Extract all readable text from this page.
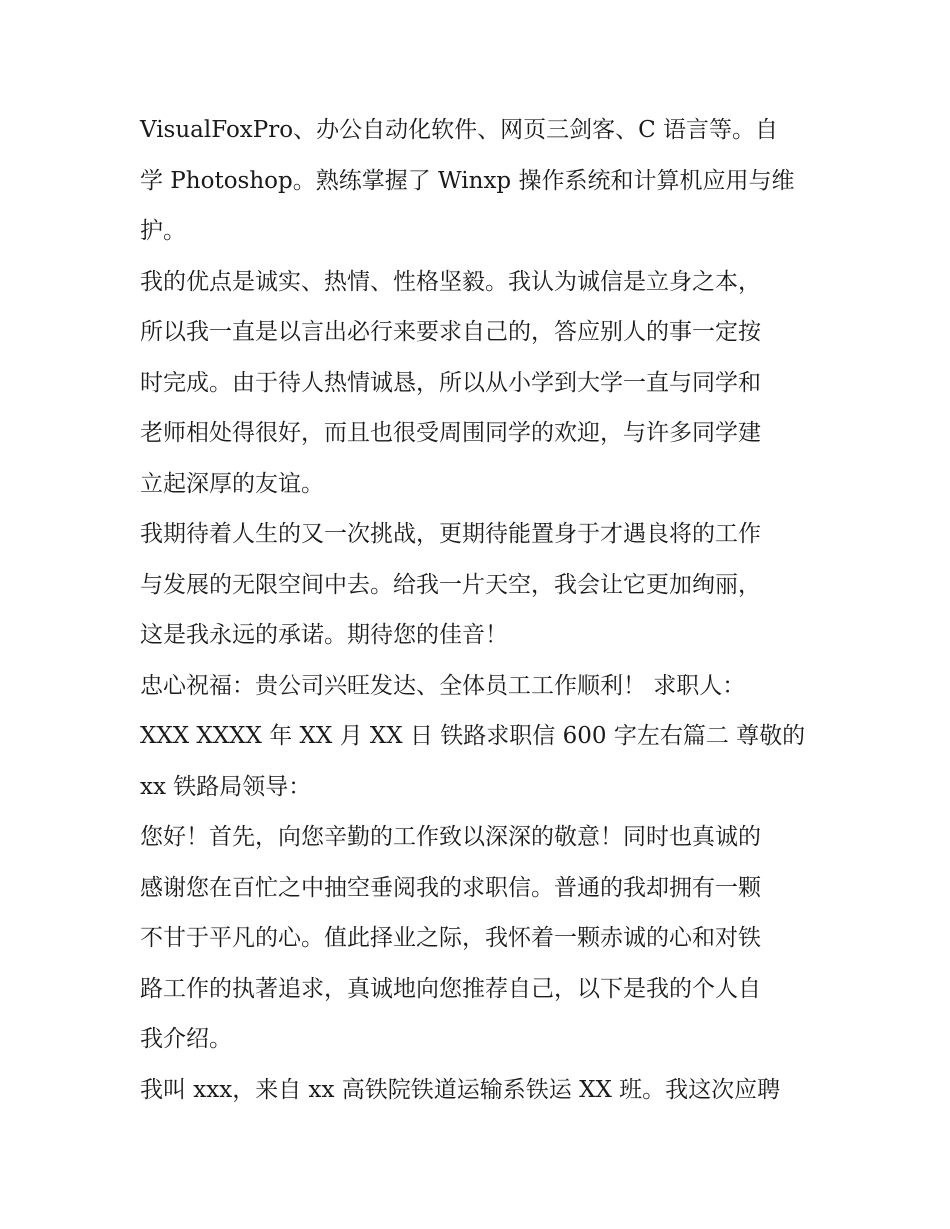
VisualFoxPro、办公自动化软件、网页三剑客、C 语言等。自
学 Photoshop。熟练掌握了 Winxp 操作系统和计算机应用与维
护。
我的优点是诚实、热情、性格坚毅。我认为诚信是立身之本，
所以我一直是以言出必行来要求自己的，答应别人的事一定按
时完成。由于待人热情诚恳，所以从小学到大学一直与同学和
老师相处得很好，而且也很受周围同学的欢迎，与许多同学建
立起深厚的友谊。
我期待着人生的又一次挑战，更期待能置身于才遇良将的工作
与发展的无限空间中去。给我一片天空，我会让它更加绚丽，
这是我永远的承诺。期待您的佳音！
忠心祝福：贵公司兴旺发达、全体员工工作顺利！ 求职人：
XXX XXXX 年 XX 月 XX 日 铁路求职信 600 字左右篇二 尊敬的
xx 铁路局领导：
您好！首先，向您辛勤的工作致以深深的敬意！同时也真诚的
感谢您在百忙之中抽空垂阅我的求职信。普通的我却拥有一颗
不甘于平凡的心。值此择业之际，我怀着一颗赤诚的心和对铁
路工作的执著追求，真诚地向您推荐自己，以下是我的个人自
我介绍。
我叫 xxx，来自 xx 高铁院铁道运输系铁运 XX 班。我这次应聘
